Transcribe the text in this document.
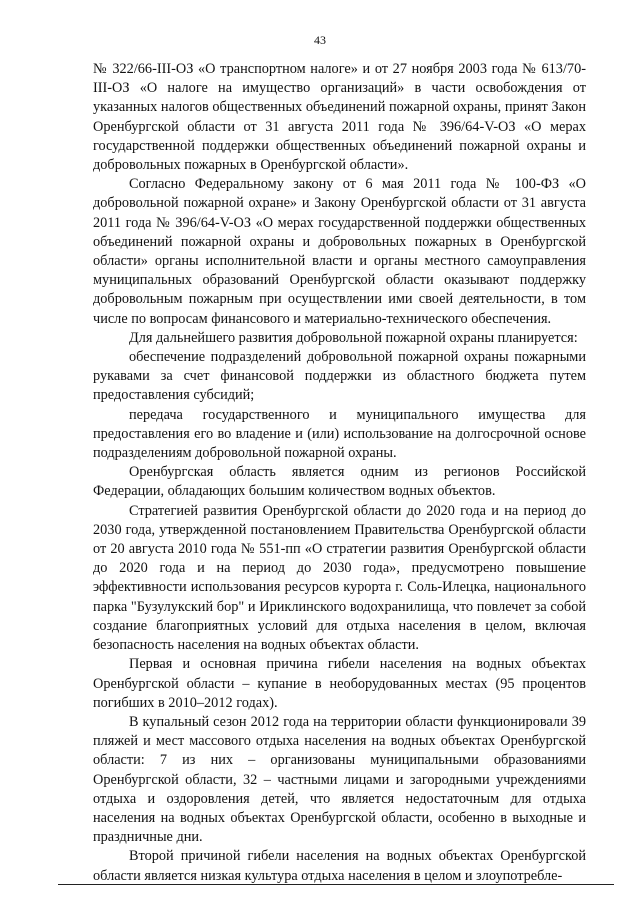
43

№ 322/66-III-ОЗ «О транспортном налоге» и от 27 ноября 2003 года № 613/70-III-ОЗ «О налоге на имущество организаций» в части освобождения от указанных налогов общественных объединений пожарной охраны, принят Закон Оренбургской области от 31 августа 2011 года № 396/64-V-ОЗ «О мерах государственной поддержки общественных объединений пожарной охраны и добровольных пожарных в Оренбургской области».

Согласно Федеральному закону от 6 мая 2011 года № 100-ФЗ «О добровольной пожарной охране» и Закону Оренбургской области от 31 августа 2011 года № 396/64-V-ОЗ «О мерах государственной поддержки общественных объединений пожарной охраны и добровольных пожарных в Оренбургской области» органы исполнительной власти и органы местного самоуправления муниципальных образований Оренбургской области оказывают поддержку добровольным пожарным при осуществлении ими своей деятельности, в том числе по вопросам финансового и материально-технического обеспечения.

Для дальнейшего развития добровольной пожарной охраны планируется:

обеспечение подразделений добровольной пожарной охраны пожарными рукавами за счет финансовой поддержки из областного бюджета путем предоставления субсидий;

передача государственного и муниципального имущества для предоставления его во владение и (или) использование на долгосрочной основе подразделениям добровольной пожарной охраны.

Оренбургская область является одним из регионов Российской Федерации, обладающих большим количеством водных объектов.

Стратегией развития Оренбургской области до 2020 года и на период до 2030 года, утвержденной постановлением Правительства Оренбургской области от 20 августа 2010 года № 551-пп «О стратегии развития Оренбургской области до 2020 года и на период до 2030 года», предусмотрено повышение эффективности использования ресурсов курорта г. Соль-Илецка, национального парка "Бузулукский бор" и Ириклинского водохранилища, что повлечет за собой создание благоприятных условий для отдыха населения в целом, включая безопасность населения на водных объектах области.

Первая и основная причина гибели населения на водных объектах Оренбургской области – купание в необорудованных местах (95 процентов погибших в 2010–2012 годах).

В купальный сезон 2012 года на территории области функционировали 39 пляжей и мест массового отдыха населения на водных объектах Оренбургской области: 7 из них – организованы муниципальными образованиями Оренбургской области, 32 – частными лицами и загородными учреждениями отдыха и оздоровления детей, что является недостаточным для отдыха населения на водных объектах Оренбургской области, особенно в выходные и праздничные дни.

Второй причиной гибели населения на водных объектах Оренбургской области является низкая культура отдыха населения в целом и злоупотребле-
